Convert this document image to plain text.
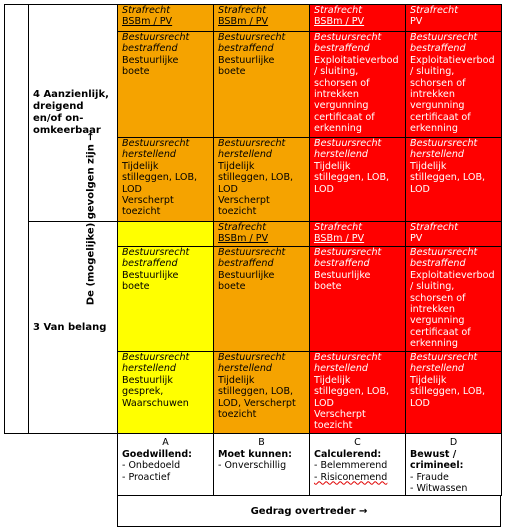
De (mogelijke) gevolgen zijn →	4 Aanzienlijk, dreigend en/of on-omkeerbaar	Strafrecht
BSBm / PV	Strafrecht
BSBm / PV	Strafrecht
BSBm / PV	Strafrecht
PV

		Bestuursrecht bestraffend
Bestuurlijke boete	Bestuursrecht bestraffend
Bestuurlijke boete	Bestuursrecht bestraffend
Exploitatieverbod / sluiting, schorsen of intrekken vergunning certificaat of erkenning	Bestuursrecht bestraffend
Exploitatieverbod / sluiting, schorsen of intrekken vergunning certificaat of erkenning

		Bestuursrecht herstellend
Tijdelijk stilleggen, LOB, LOD
Verscherpt toezicht	Bestuursrecht herstellend
Tijdelijk stilleggen, LOB, LOD
Verscherpt toezicht	Bestuursrecht herstellend
Tijdelijk stilleggen, LOB, LOD	Bestuursrecht herstellend
Tijdelijk stilleggen, LOB, LOD

	3 Van belang		Strafrecht
BSBm / PV	Strafrecht
BSBm / PV	Strafrecht
PV

		Bestuursrecht bestraffend
Bestuurlijke boete	Bestuursrecht bestraffend
Bestuurlijke boete	Bestuursrecht bestraffend
Bestuurlijke boete	Bestuursrecht bestraffend
Exploitatieverbod / sluiting, schorsen of intrekken vergunning certificaat of erkenning

		Bestuursrecht herstellend
Bestuurlijk gesprek, Waarschuwen	Bestuursrecht herstellend
Tijdelijk stilleggen, LOB, LOD, Verscherpt toezicht	Bestuursrecht herstellend
Tijdelijk stilleggen, LOB, LOD
Verscherpt toezicht	Bestuursrecht herstellend
Tijdelijk stilleggen, LOB, LOD

		A
Goedwillend:
- Onbedoeld
- Proactief	B
Moet kunnen:
- Onverschillig	C
Calculerend:
- Belemmerend
- Risiconemend	D
Bewust / crimineel:
- Fraude
- Witwassen
Gedrag overtreder →
